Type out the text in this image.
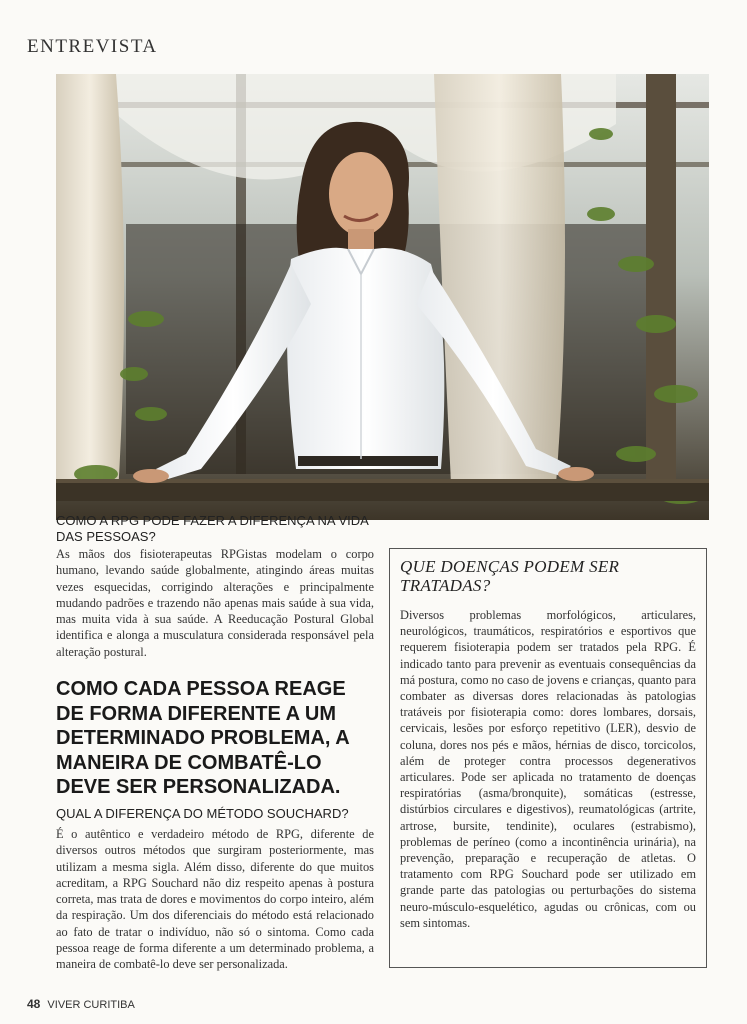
ENTREVISTA
COMO A RPG PODE FAZER A DIFERENÇA NA VIDA DAS PESSOAS?
As mãos dos fisioterapeutas RPGistas modelam o corpo humano, levando saúde globalmente, atingindo áreas muitas vezes esquecidas, corrigindo alterações e principalmente mudando padrões e trazendo não apenas mais saúde à sua vida, mas muita vida à sua saúde. A Reeducação Postural Global identifica e alonga a musculatura considerada responsável pela alteração postural.
COMO CADA PESSOA REAGE DE FORMA DIFERENTE A UM DETERMINADO PROBLEMA, A MANEIRA DE COMBATÊ-LO DEVE SER PERSONALIZADA.
QUAL A DIFERENÇA DO MÉTODO SOUCHARD?
É o autêntico e verdadeiro método de RPG, diferente de diversos outros métodos que surgiram posteriormente, mas utilizam a mesma sigla. Além disso, diferente do que muitos acreditam, a RPG Souchard não diz respeito apenas à postura correta, mas trata de dores e movimentos do corpo inteiro, além da respiração. Um dos diferenciais do método está relacionado ao fato de tratar o indivíduo, não só o sintoma. Como cada pessoa reage de forma diferente a um determinado problema, a maneira de combatê-lo deve ser personalizada.
QUE DOENÇAS PODEM SER TRATADAS?
Diversos problemas morfológicos, articulares, neurológicos, traumáticos, respiratórios e esportivos que requerem fisioterapia podem ser tratados pela RPG. É indicado tanto para prevenir as eventuais consequências da má postura, como no caso de jovens e crianças, quanto para combater as diversas dores relacionadas às patologias tratáveis por fisioterapia como: dores lombares, dorsais, cervicais, lesões por esforço repetitivo (LER), desvio de coluna, dores nos pés e mãos, hérnias de disco, torcicolos, além de proteger contra processos degenerativos articulares. Pode ser aplicada no tratamento de doenças respiratórias (asma/bronquite), somáticas (estresse, distúrbios circulares e digestivos), reumatológicas (artrite, artrose, bursite, tendinite), oculares (estrabismo), problemas de períneo (como a incontinência urinária), na prevenção, preparação e recuperação de atletas. O tratamento com RPG Souchard pode ser utilizado em grande parte das patologias ou perturbações do sistema neuro-músculo-esquelético, agudas ou crônicas, com ou sem sintomas.
48 VIVER CURITIBA
